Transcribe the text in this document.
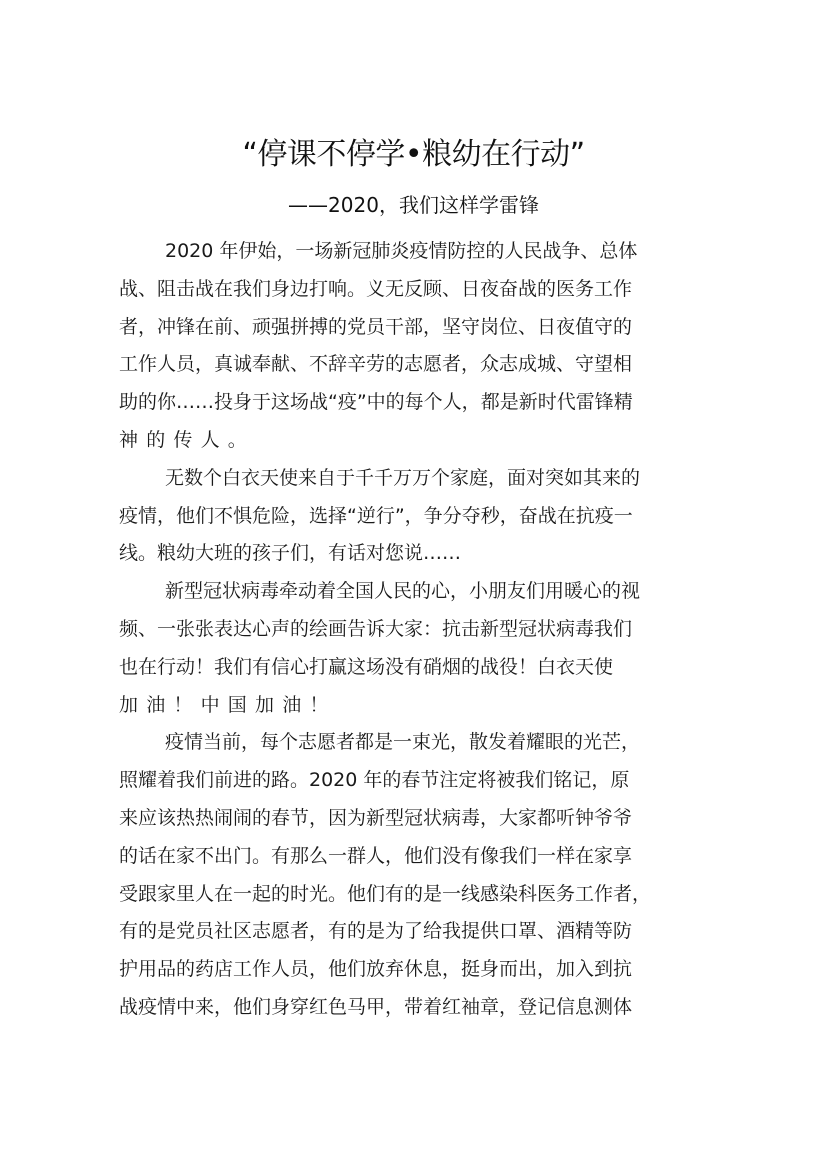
“停课不停学•粮幼在行动”
——2020，我们这样学雷锋
2020 年伊始，一场新冠肺炎疫情防控的人民战争、总体
战、阻击战在我们身边打响。义无反顾、日夜奋战的医务工作
者，冲锋在前、顽强拼搏的党员干部，坚守岗位、日夜值守的
工作人员，真诚奉献、不辞辛劳的志愿者，众志成城、守望相
助的你……投身于这场战“疫”中的每个人，都是新时代雷锋精
神的传人。
无数个白衣天使来自于千千万万个家庭，面对突如其来的
疫情，他们不惧危险，选择“逆行”，争分夺秒，奋战在抗疫一
线。粮幼大班的孩子们，有话对您说……
新型冠状病毒牵动着全国人民的心，小朋友们用暖心的视
频、一张张表达心声的绘画告诉大家：抗击新型冠状病毒我们
也在行动！我们有信心打赢这场没有硝烟的战役！白衣天使
加油！中国加油！
疫情当前，每个志愿者都是一束光，散发着耀眼的光芒，
照耀着我们前进的路。2020 年的春节注定将被我们铭记，原
来应该热热闹闹的春节，因为新型冠状病毒，大家都听钟爷爷
的话在家不出门。有那么一群人，他们没有像我们一样在家享
受跟家里人在一起的时光。他们有的是一线感染科医务工作者，
有的是党员社区志愿者，有的是为了给我提供口罩、酒精等防
护用品的药店工作人员，他们放弃休息，挺身而出，加入到抗
战疫情中来，他们身穿红色马甲，带着红袖章，登记信息测体
